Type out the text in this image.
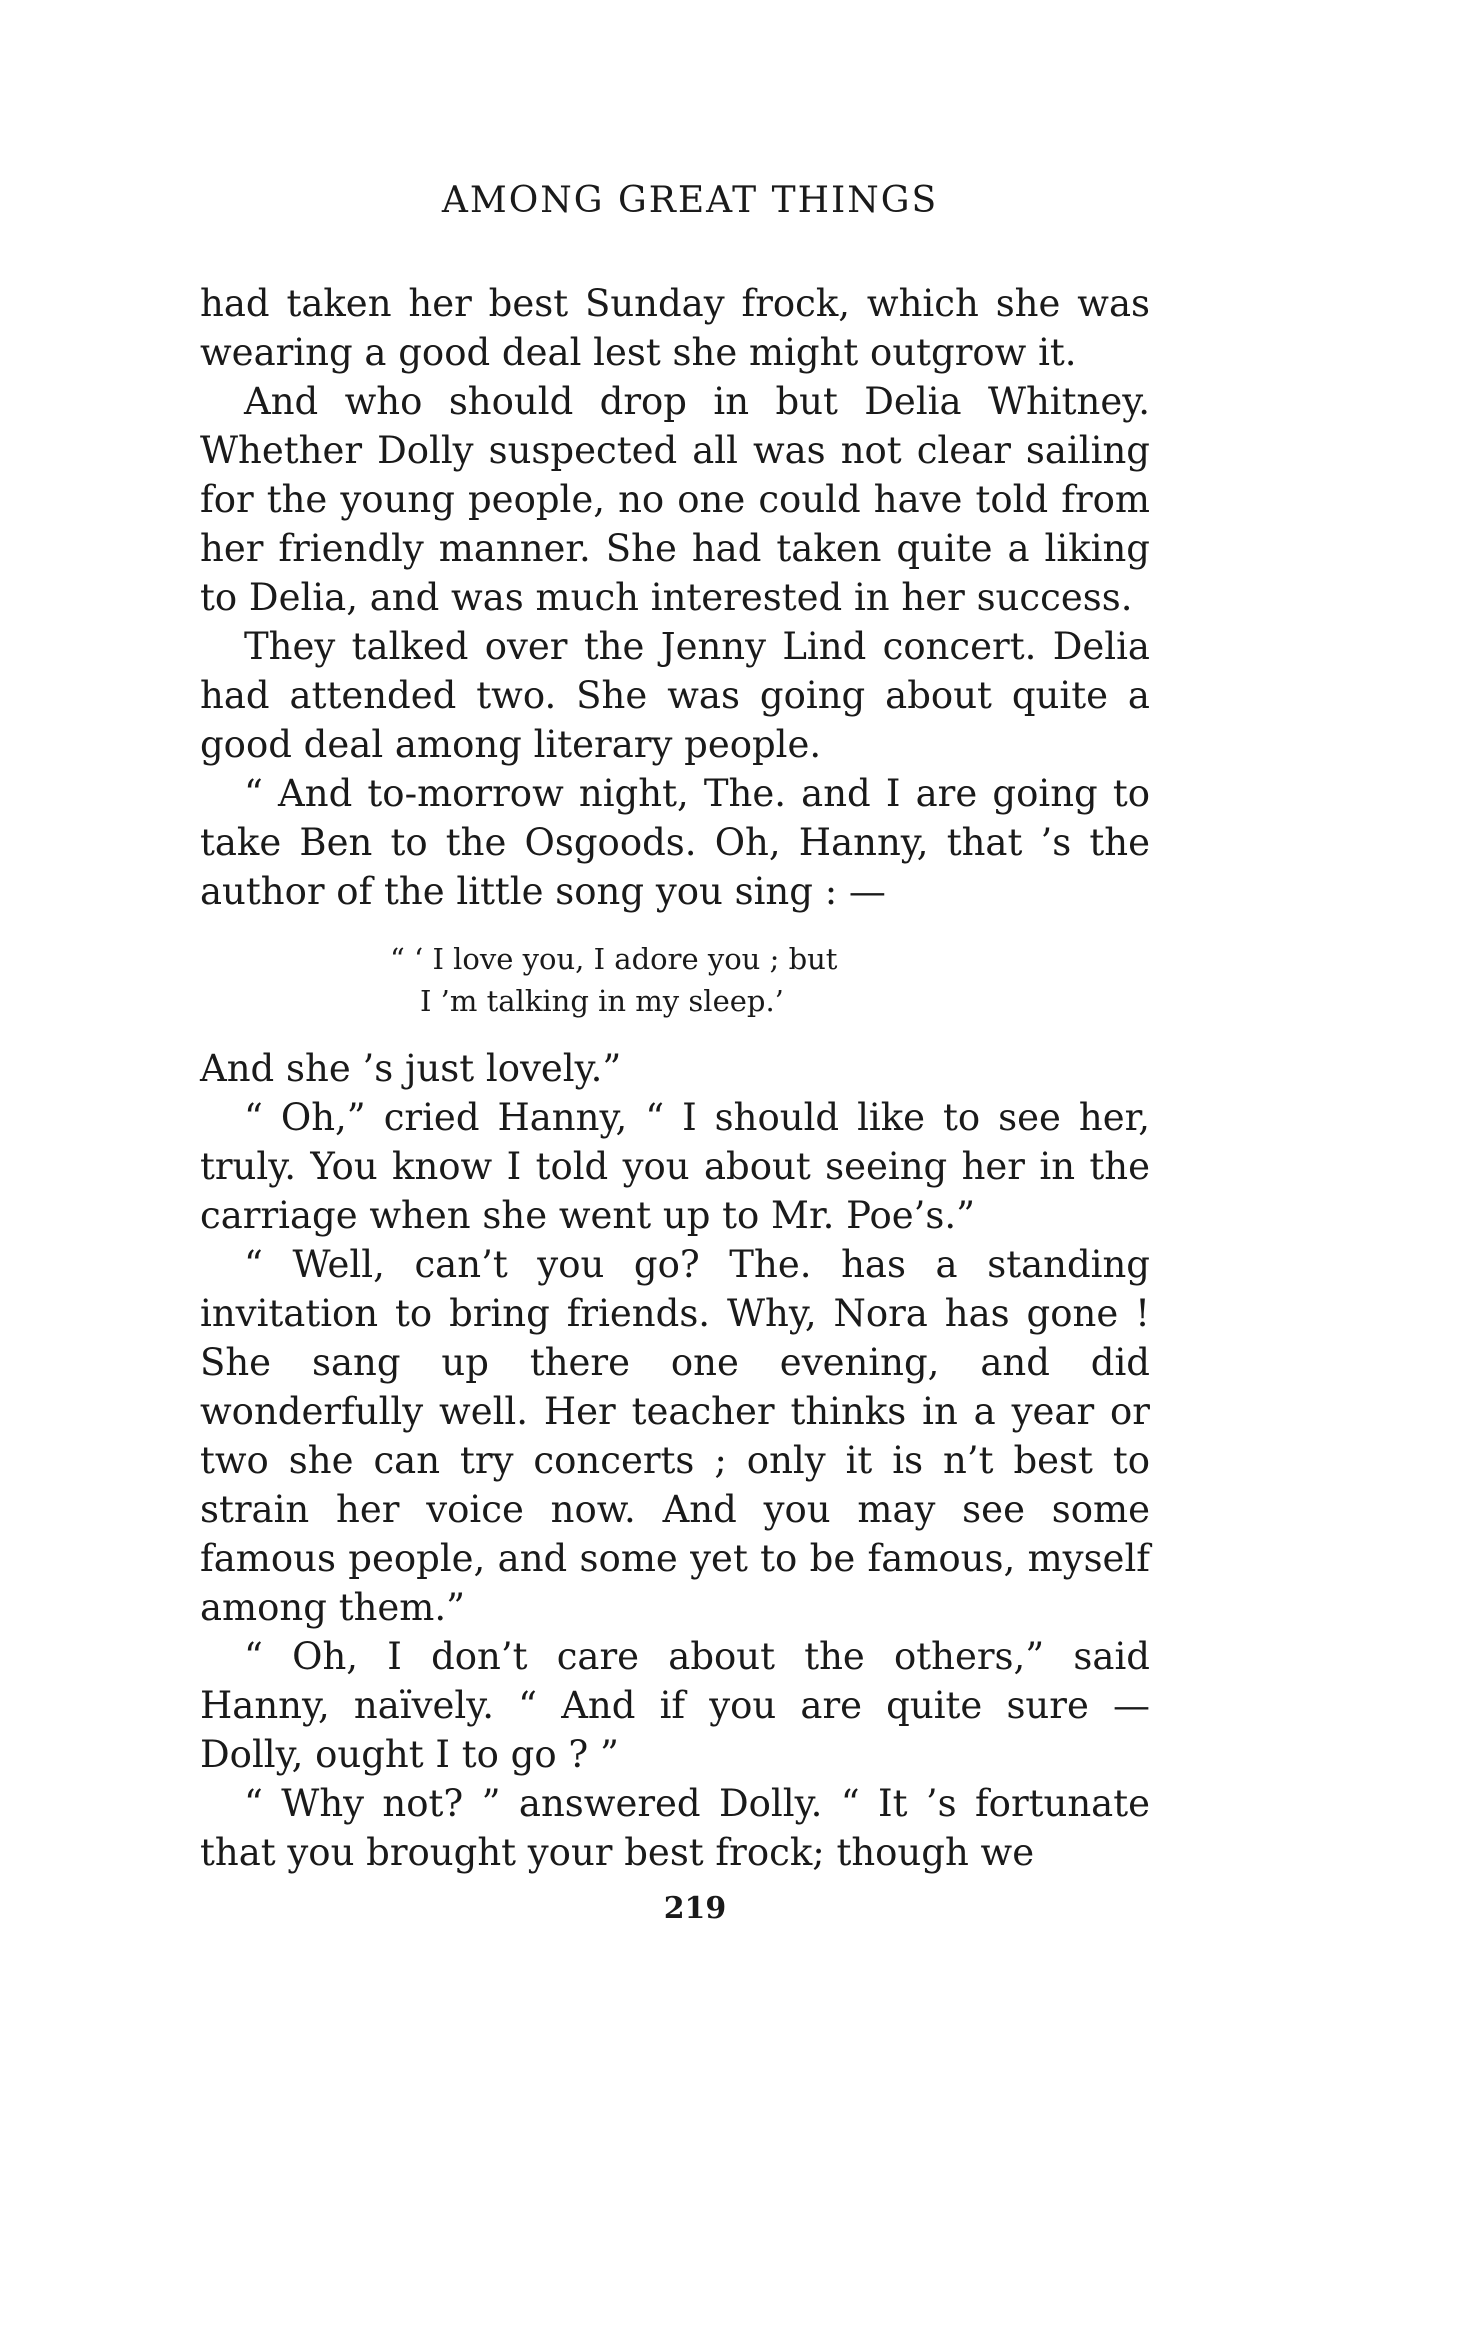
AMONG GREAT THINGS

had taken her best Sunday frock, which she was wearing a good deal lest she might outgrow it.

And who should drop in but Delia Whitney. Whether Dolly suspected all was not clear sailing for the young people, no one could have told from her friendly manner. She had taken quite a liking to Delia, and was much interested in her success.

They talked over the Jenny Lind concert. Delia had attended two. She was going about quite a good deal among literary people.

“ And to-morrow night, The. and I are going to take Ben to the Osgoods. Oh, Hanny, that ’s the author of the little song you sing : —

“ ‘ I love you, I adore you ; but
I ’m talking in my sleep.’

And she ’s just lovely.”

“ Oh,” cried Hanny, “ I should like to see her, truly. You know I told you about seeing her in the carriage when she went up to Mr. Poe’s.”

“ Well, can’t you go? The. has a standing invitation to bring friends. Why, Nora has gone ! She sang up there one evening, and did wonderfully well. Her teacher thinks in a year or two she can try concerts ; only it is n’t best to strain her voice now. And you may see some famous people, and some yet to be famous, myself among them.”

“ Oh, I don’t care about the others,” said Hanny, naïvely. “ And if you are quite sure — Dolly, ought I to go ? ”

“ Why not? ” answered Dolly. “ It ’s fortunate that you brought your best frock; though we

219
